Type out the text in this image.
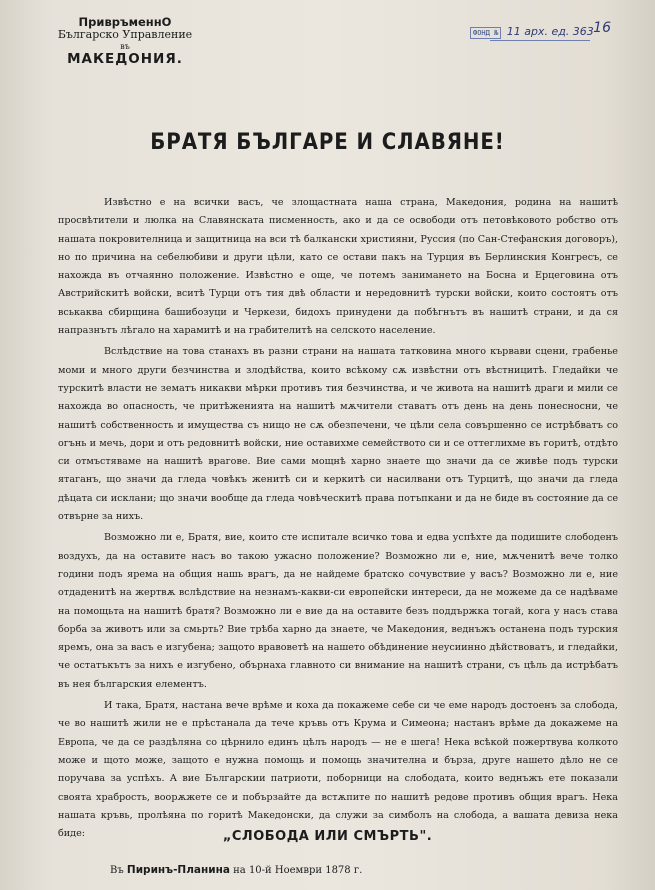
ПривръменнО
Българско Управление
въ
МАКЕДОНИЯ.
ФОНД № 11 арх. ед. 363 16
БРАТЯ БЪЛГАРЕ И СЛАВЯНЕ!

Извѣстно е на всички васъ, че злощастната наша страна, Македония, родина на нашитѣ просвѣтители и люлка на Славянската писменность, ако и да се освободи отъ петовѣковото робство отъ нашата покровителница и защитница на вси тѣ балкански християни, Руссия (по Сан-Стефанския договоръ), но по причина на себелюбиви и други цѣли, като се остави пакъ на Турция въ Берлинския Конгресъ, се нахожда въ отчаянно положение. Извѣстно е още, че потемъ занимането на Босна и Ерцеговина отъ Австрийскитѣ войски, вситѣ Турци отъ тия двѣ области и нередовнитѣ турски войски, които состоятъ отъ вськаква сбирщина башибозуци и Черкези, бидохъ принудени да побѣгнътъ въ нашитѣ страни, и да ся напразнътъ лѣгало на харамитѣ и на грабителитѣ на селското население.

Вслѣдствие на това станахъ въ разни страни на нашата татковина много кървави сцени, грабенье моми и много други безчинства и злодѣйства, които всѣкому сѫ извѣстни отъ вѣстницитѣ. Гледайки че турскитѣ власти не зематъ никакви мѣрки противъ тия безчинства, и че живота на нашитѣ драги и мили се нахожда во опасность, че притѣженията на нашитѣ мѫчители ставатъ отъ день на день понесносни, че нашитѣ собственность и имущества съ нищо не сѫ обезпечени, че цѣли села совършенно се истрѣбватъ со огънь и мечь, дори и отъ редовнитѣ войски, ние оставихме семейството си и се оттеглихме въ горитѣ, отдѣто си отмъстяваме на нашитѣ врагове. Вие сами мощнѣ харно знаете що значи да се живѣе подъ турски ятаганъ, що значи да гледа човѣкъ женитѣ си и керкитѣ си насилвани отъ Турцитѣ, що значи да гледа дѣцата си исклани; що значи вообще да гледа човѣческитѣ права потъпкани и да не биде въ состояние да се отвърне за нихъ.

Возможно ли е, Братя, вие, които сте испитале всичко това и едва успѣхте да подишите слободенъ воздухъ, да на оставите насъ во такою ужасно положение? Возможно ли е, ние, мѫченитѣ вече толко години подъ ярема на общия нашь врагъ, да не найдеме братско сочувствие у васъ? Возможно ли е, ние отдаденитѣ на жертвѫ вслѣдствие на незнамъ-какви-си европейски интереси, да не можеме да се надѣваме на помощьта на нашитѣ братя? Возможно ли е вие да на оставите безъ поддържка тогай, кога у насъ става борба за животъ или за смьрть? Вие трѣба харно да знаете, че Македония, веднъжъ останена подъ турския яремъ, она за васъ е изгубена; защото вравоветѣ на нашето обѣдинение неусиинно дѣйствоватъ, и гледайки, че остатъкътъ за нихъ е изгубено, обърнаха главното си внимание на нашитѣ страни, съ цѣль да истрѣбатъ въ нея българския елементъ.

И така, Братя, настана вече врѣме и коха да покажеме себе си че еме народъ достоенъ за слобода, че во нашитѣ жили не е прѣстанала да тече кръвь отъ Крума и Симеона; настанъ врѣме да докажеме на Европа, че да се раздѣляна со цѣрнило единъ цѣлъ народъ — не е шега! Нека всѣкой пожертвува колкото може и щото може, защото е нужна помощь и помощь значителна и бърза, друге нашето дѣло не се поручава за успѣхъ. А вие Българскии патриоти, поборници на слободата, които веднъжъ ете показали своята храбрость, воорѫжете се и побързайте да встѫпите по нашитѣ редове противъ общия врагъ. Нека нашата кръвь, пролѣяна по горитѣ Македонски, да служи за симболъ на слобода, а вашата девиза нека биде:	„СЛОБОДА ИЛИ СМЪРТЬ".
Въ Пиринъ-Планина на 10-й Ноември 1878 г.
